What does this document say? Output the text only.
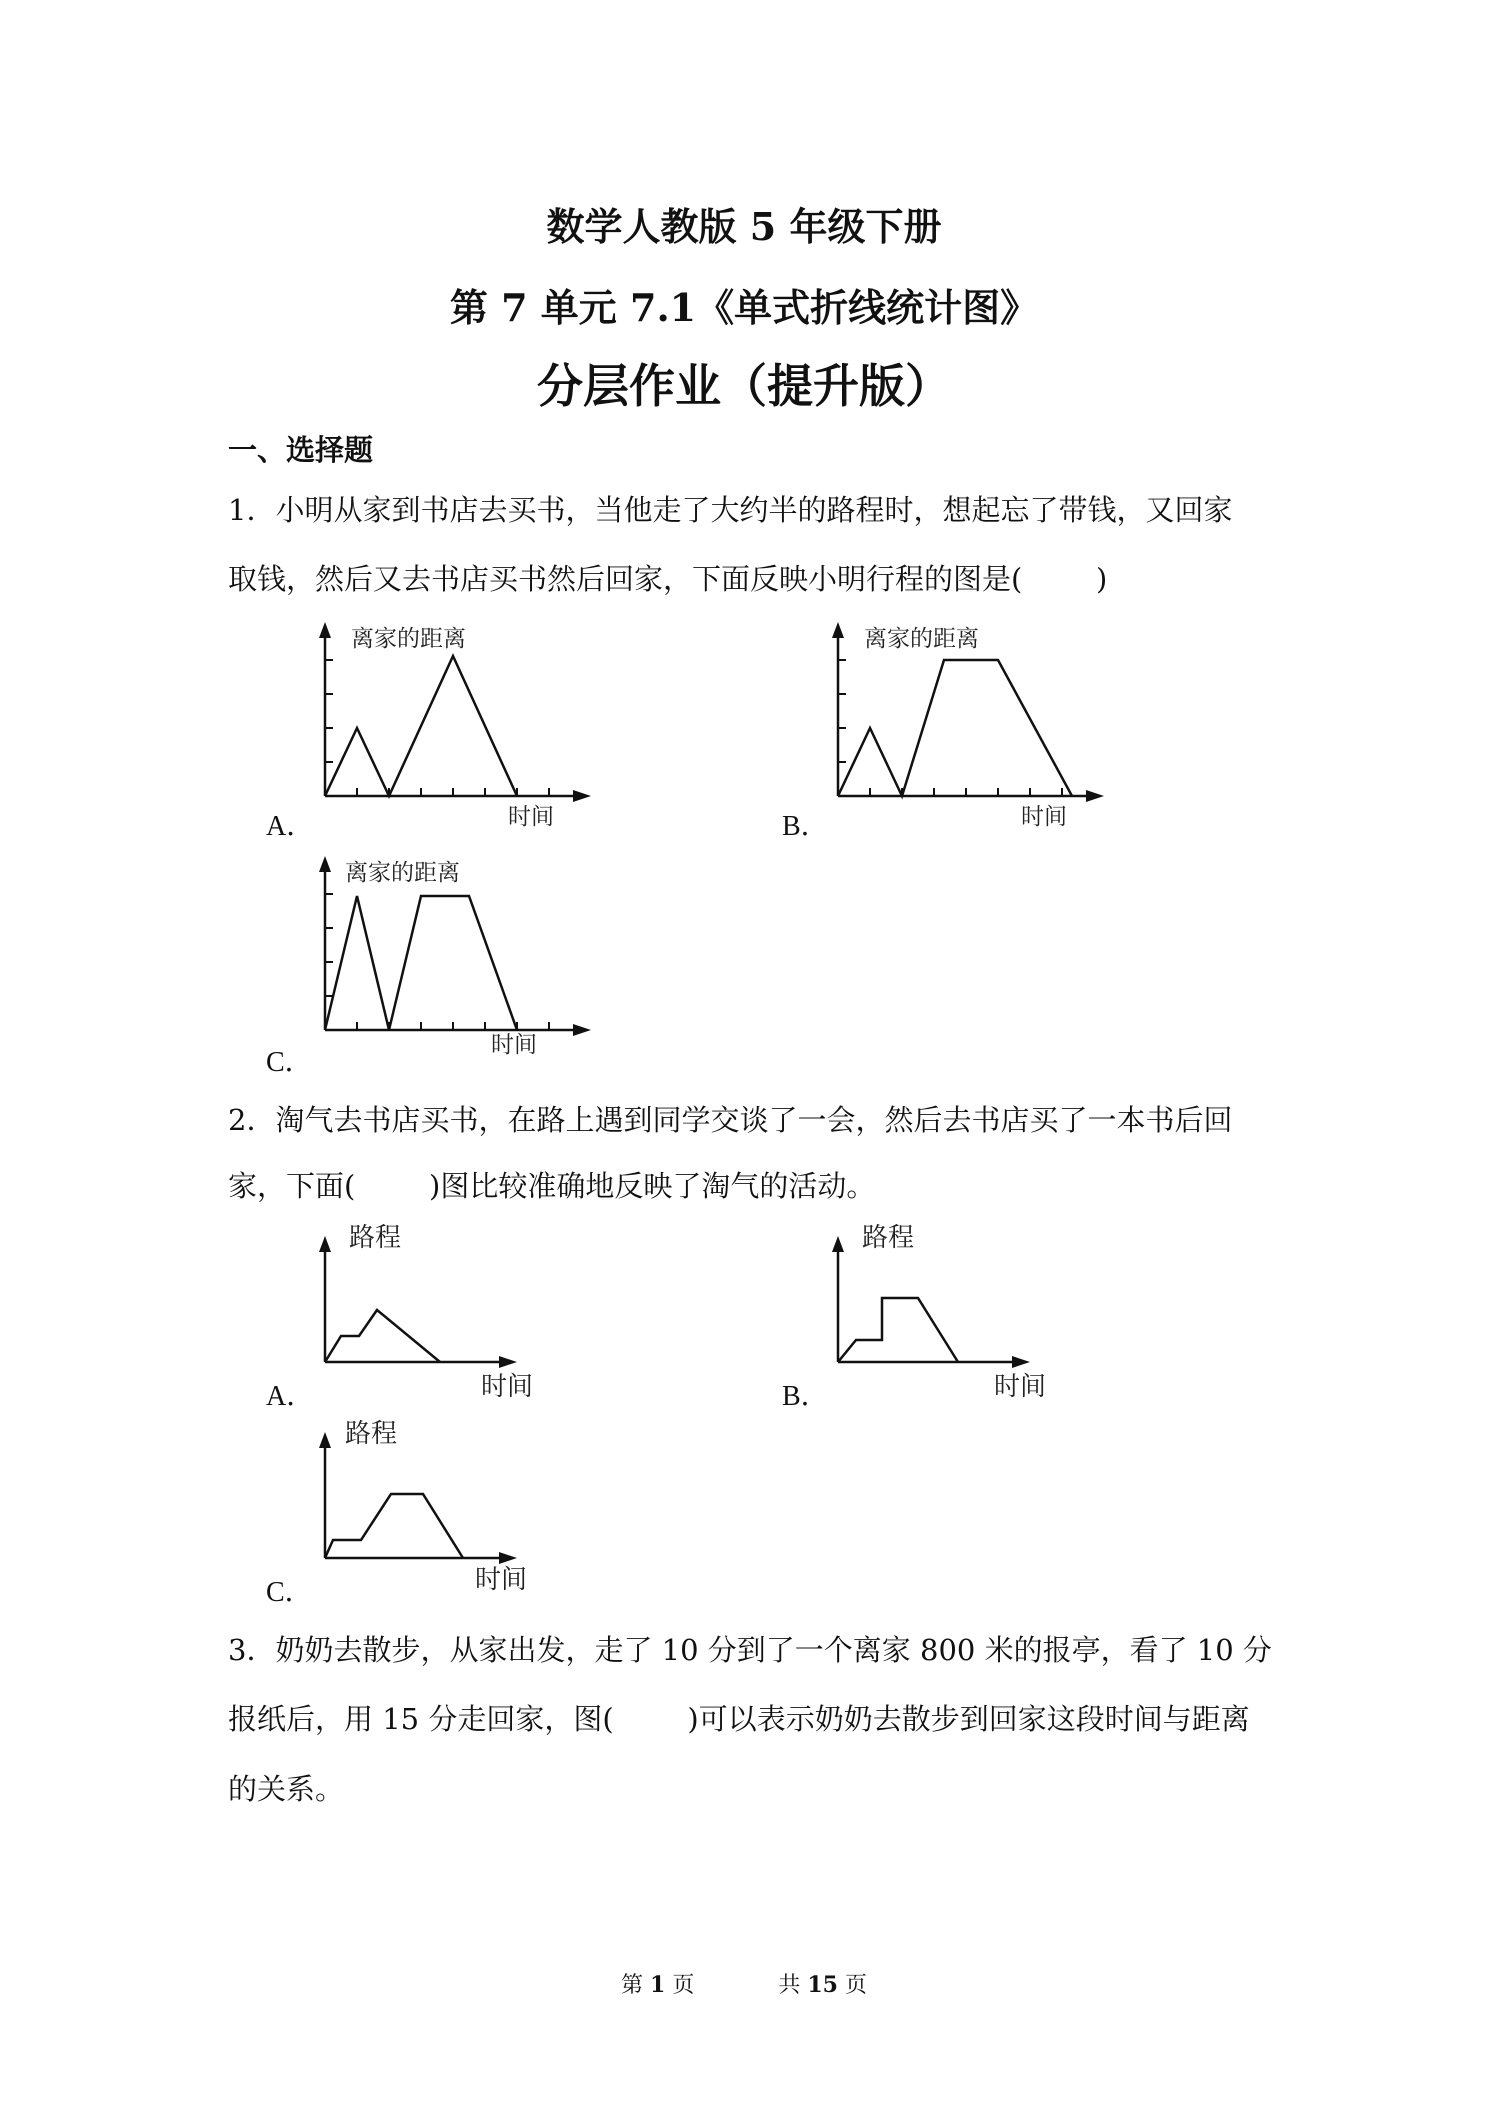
数学人教版 5 年级下册
第 7 单元 7.1《单式折线统计图》
分层作业（提升版）
一、选择题
1．小明从家到书店去买书，当他走了大约半的路程时，想起忘了带钱，又回家
取钱，然后又去书店买书然后回家，下面反映小明行程的图是(        )
离家的距离
时间
A．
离家的距离
时间
B．
离家的距离
时间
C．
2．淘气去书店买书，在路上遇到同学交谈了一会，然后去书店买了一本书后回
家，下面(        )图比较准确地反映了淘气的活动。
路程
时间
A．
路程
时间
B．
路程
时间
C．
3．奶奶去散步，从家出发，走了 10 分到了一个离家 800 米的报亭，看了 10 分
报纸后，用 15 分走回家，图(        )可以表示奶奶去散步到回家这段时间与距离
的关系。
第 1 页	共 15 页
